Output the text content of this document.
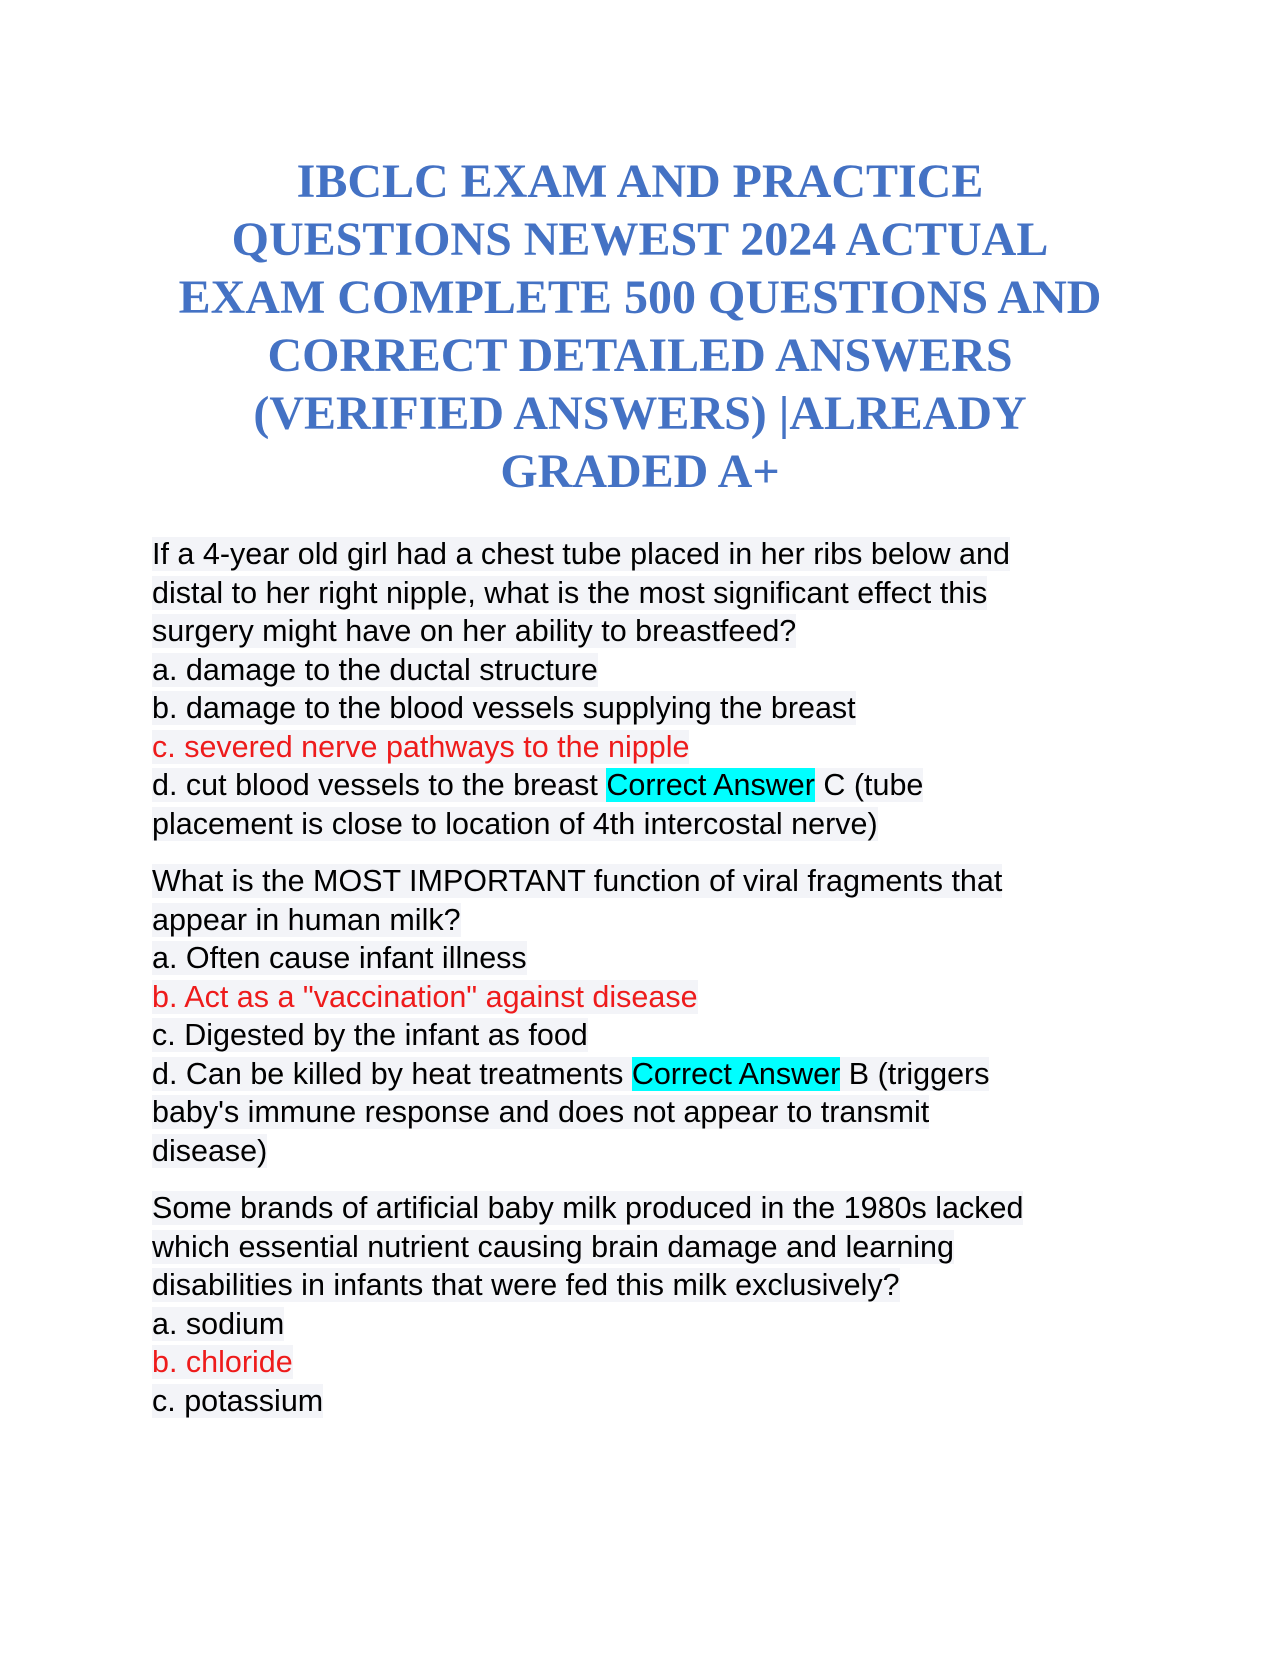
IBCLC EXAM AND PRACTICE
QUESTIONS NEWEST 2024 ACTUAL
EXAM COMPLETE 500 QUESTIONS AND
CORRECT DETAILED ANSWERS
(VERIFIED ANSWERS) |ALREADY
GRADED A+
If a 4-year old girl had a chest tube placed in her ribs below and
distal to her right nipple, what is the most significant effect this
surgery might have on her ability to breastfeed?
a. damage to the ductal structure
b. damage to the blood vessels supplying the breast
c. severed nerve pathways to the nipple
d. cut blood vessels to the breast Correct Answer C (tube
placement is close to location of 4th intercostal nerve)
What is the MOST IMPORTANT function of viral fragments that
appear in human milk?
a. Often cause infant illness
b. Act as a "vaccination" against disease
c. Digested by the infant as food
d. Can be killed by heat treatments Correct Answer B (triggers
baby's immune response and does not appear to transmit
disease)
Some brands of artificial baby milk produced in the 1980s lacked
which essential nutrient causing brain damage and learning
disabilities in infants that were fed this milk exclusively?
a. sodium
b. chloride
c. potassium
